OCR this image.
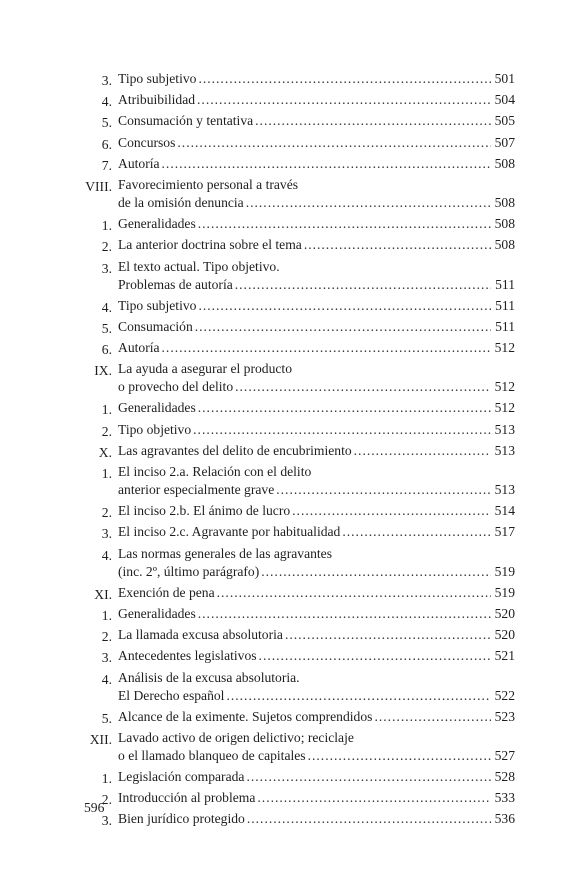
3. Tipo subjetivo . . .	501
4. Atribuibilidad . . .	504
5. Consumación y tentativa . . .	505
6. Concursos . . .	507
7. Autoría . . .	508
VIII. Favorecimiento personal a través
de la omisión denuncia . . .	508
1. Generalidades . . .	508
2. La anterior doctrina sobre el tema . . .	508
3. El texto actual. Tipo objetivo.
Problemas de autoría . . .	511
4. Tipo subjetivo . . .	511
5. Consumación . . .	511
6. Autoría . . .	512
IX. La ayuda a asegurar el producto
o provecho del delito . . .	512
1. Generalidades . . .	512
2. Tipo objetivo . . .	513
X. Las agravantes del delito de encubrimiento . . .	513
1. El inciso 2.a. Relación con el delito
anterior especialmente grave . . .	513
2. El inciso 2.b. El ánimo de lucro . . .	514
3. El inciso 2.c. Agravante por habitualidad . . .	517
4. Las normas generales de las agravantes
(inc. 2º, último parágrafo) . . .	519
XI. Exención de pena . . .	519
1. Generalidades . . .	520
2. La llamada excusa absolutoria . . .	520
3. Antecedentes legislativos . . .	521
4. Análisis de la excusa absolutoria.
El Derecho español . . .	522
5. Alcance de la eximente. Sujetos comprendidos . . .	523
XII. Lavado activo de origen delictivo; reciclaje
o el llamado blanqueo de capitales . . .	527
1. Legislación comparada . . .	528
2. Introducción al problema . . .	533
3. Bien jurídico protegido . . .	536
596
